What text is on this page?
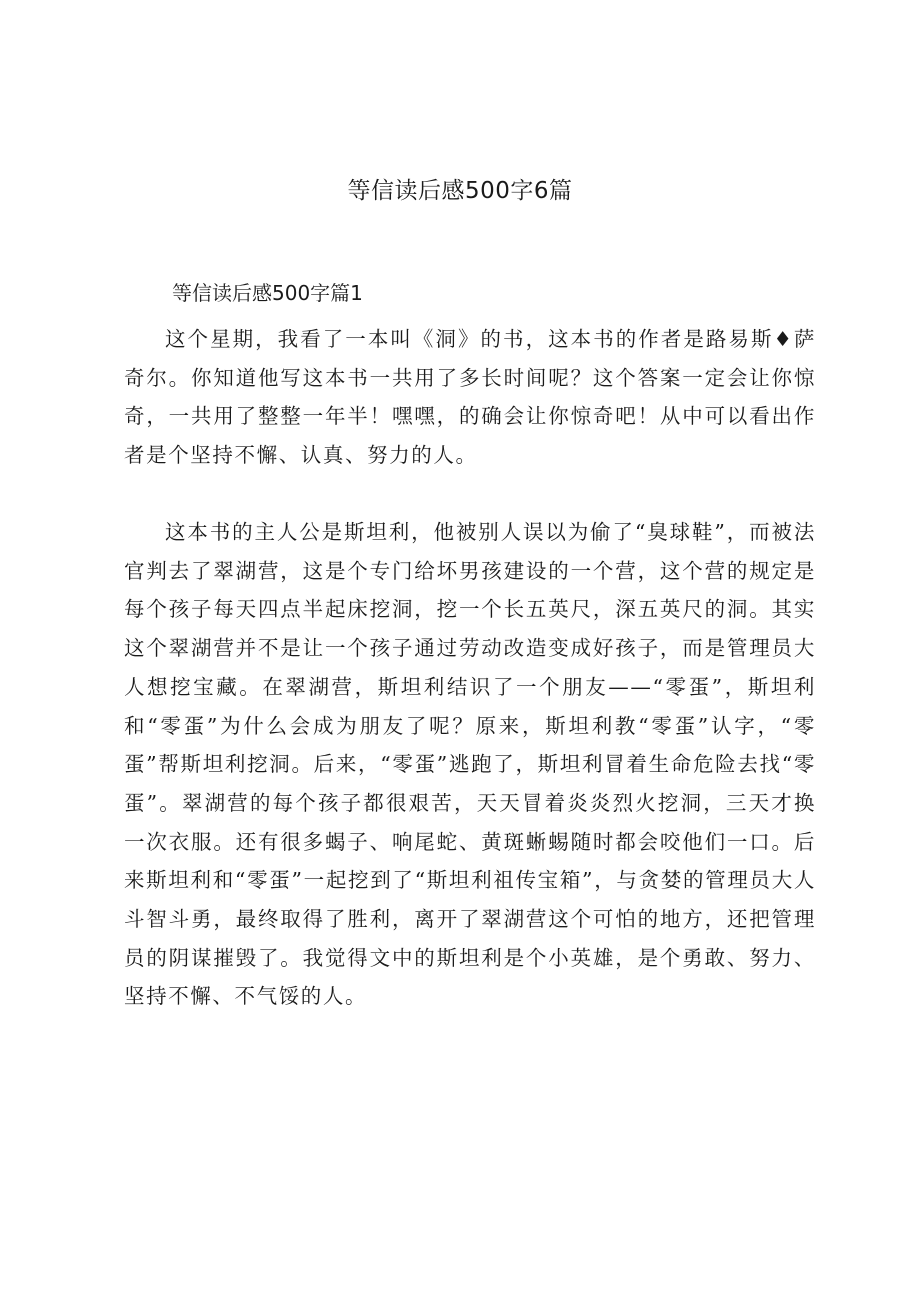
等信读后感500字6篇
等信读后感500字篇1

这个星期，我看了一本叫《洞》的书，这本书的作者是路易斯♦萨奇尔。你知道他写这本书一共用了多长时间呢？这个答案一定会让你惊奇，一共用了整整一年半！嘿嘿，的确会让你惊奇吧！从中可以看出作者是个坚持不懈、认真、努力的人。

这本书的主人公是斯坦利，他被别人误以为偷了“臭球鞋”，而被法官判去了翠湖营，这是个专门给坏男孩建设的一个营，这个营的规定是每个孩子每天四点半起床挖洞，挖一个长五英尺，深五英尺的洞。其实这个翠湖营并不是让一个孩子通过劳动改造变成好孩子，而是管理员大人想挖宝藏。在翠湖营，斯坦利结识了一个朋友——“零蛋”，斯坦利和“零蛋”为什么会成为朋友了呢？原来，斯坦利教“零蛋”认字，“零蛋”帮斯坦利挖洞。后来，“零蛋”逃跑了，斯坦利冒着生命危险去找“零蛋”。翠湖营的每个孩子都很艰苦，天天冒着炎炎烈火挖洞，三天才换一次衣服。还有很多蝎子、响尾蛇、黄斑蜥蜴随时都会咬他们一口。后来斯坦利和“零蛋”一起挖到了“斯坦利祖传宝箱”，与贪婪的管理员大人斗智斗勇，最终取得了胜利，离开了翠湖营这个可怕的地方，还把管理员的阴谋摧毁了。我觉得文中的斯坦利是个小英雄，是个勇敢、努力、坚持不懈、不气馁的人。
